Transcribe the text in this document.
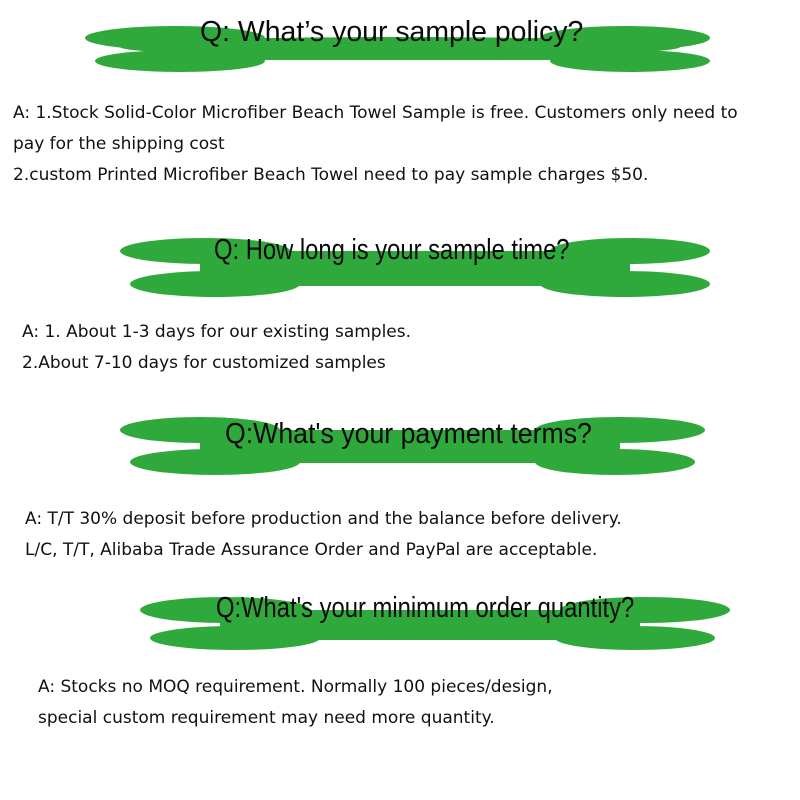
Q: What’s your sample policy?
A: 1.Stock Solid-Color Microfiber Beach Towel Sample is free. Customers only need to
pay for the shipping cost
2.custom Printed Microfiber Beach Towel need to pay sample charges $50.
Q: How long is your sample time?
A: 1. About 1-3 days for our existing samples.
2.About 7-10 days for customized samples
Q:What's your payment terms?
A: T/T 30% deposit before production and the balance before delivery.
L/C, T/T, Alibaba Trade Assurance Order and PayPal are acceptable.
Q:What's your minimum order quantity?
A: Stocks no MOQ requirement. Normally 100 pieces/design,
special custom requirement may need more quantity.
